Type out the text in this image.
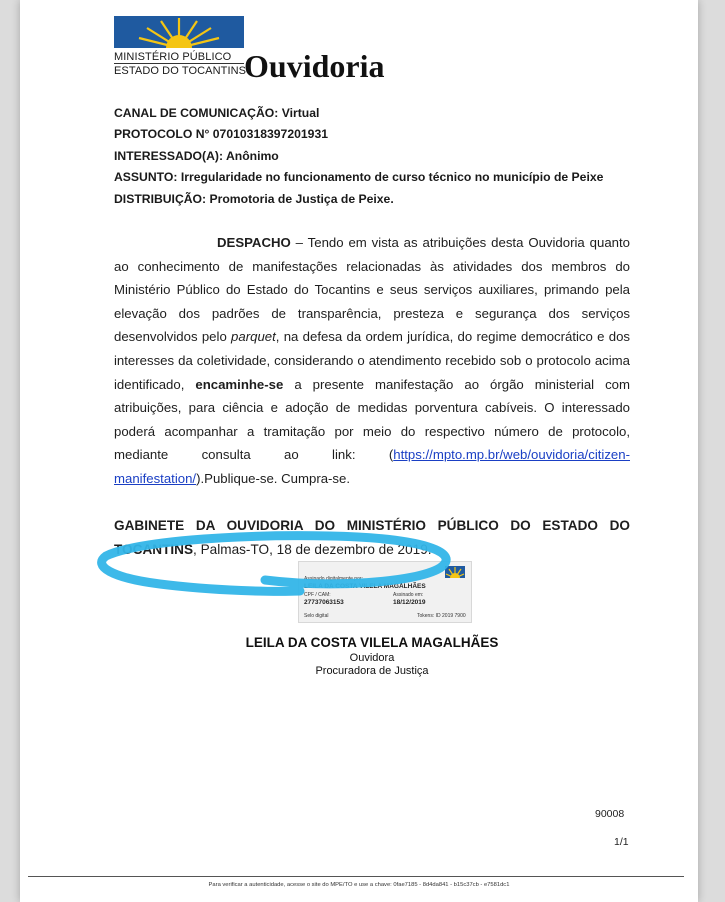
MINISTÉRIO PÚBLICO
ESTADO DO TOCANTINS
Ouvidoria
CANAL DE COMUNICAÇÃO: Virtual
PROTOCOLO N° 07010318397201931
INTERESSADO(A): Anônimo
ASSUNTO: Irregularidade no funcionamento de curso técnico no município de Peixe
DISTRIBUIÇÃO: Promotoria de Justiça de Peixe.
DESPACHO – Tendo em vista as atribuições desta Ouvidoria quanto ao conhecimento de manifestações relacionadas às atividades dos membros do Ministério Público do Estado do Tocantins e seus serviços auxiliares, primando pela elevação dos padrões de transparência, presteza e segurança dos serviços desenvolvidos pelo parquet, na defesa da ordem jurídica, do regime democrático e dos interesses da coletividade, considerando o atendimento recebido sob o protocolo acima identificado, encaminhe-se a presente manifestação ao órgão ministerial com atribuições, para ciência e adoção de medidas porventura cabíveis. O interessado poderá acompanhar a tramitação por meio do respectivo número de protocolo, mediante consulta ao link: (https://mpto.mp.br/web/ouvidoria/citizen-manifestation/).Publique-se. Cumpra-se.
GABINETE DA OUVIDORIA DO MINISTÉRIO PÚBLICO DO ESTADO DO TOCANTINS, Palmas-TO, 18 de dezembro de 2019.
Assinado digitalmente por:
LEILA DA COSTA VILELA MAGALHÃES
CPF / CAM:	Assinado em:
27737063153	18/12/2019
Selo digital	Tokens: ID 2019 7900
LEILA DA COSTA VILELA MAGALHÃES
Ouvidora
Procuradora de Justiça
90008
1/1
Para verificar a autenticidade, acesse o site do MPE/TO e use a chave: 0fae7185 - 8d4da841 - b15c37cb - e7581dc1
